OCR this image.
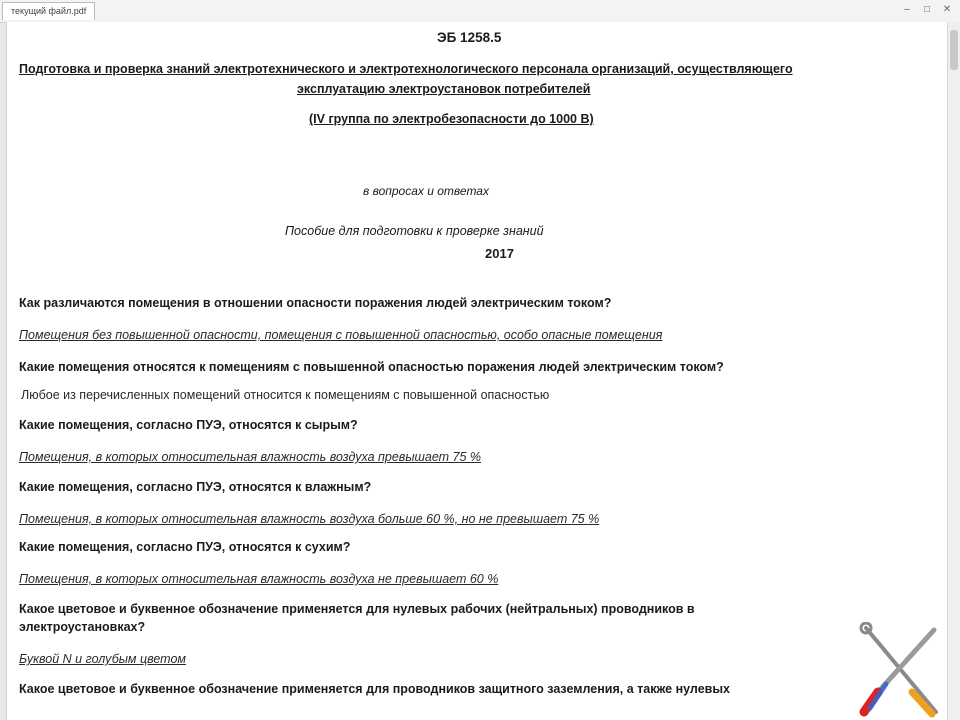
текущий файл.pdf	–	□	✕
ЭБ 1258.5
Подготовка и проверка знаний электротехнического и электротехнологического персонала организаций, осуществляющего
эксплуатацию электроустановок потребителей
(IV группа по электробезопасности до 1000 В)
в вопросах и ответах
Пособие для подготовки к проверке знаний
2017
Как различаются помещения в отношении опасности поражения людей электрическим током?
Помещения без повышенной опасности, помещения с повышенной опасностью, особо опасные помещения
Какие помещения относятся к помещениям с повышенной опасностью поражения людей электрическим током?
Любое из перечисленных помещений относится к помещениям с повышенной опасностью
Какие помещения, согласно ПУЭ, относятся к сырым?
Помещения, в которых относительная влажность воздуха превышает 75 %
Какие помещения, согласно ПУЭ, относятся к влажным?
Помещения, в которых относительная влажность воздуха больше 60 %, но не превышает 75 %
Какие помещения, согласно ПУЭ, относятся к сухим?
Помещения, в которых относительная влажность воздуха не превышает 60 %
Какое цветовое и буквенное обозначение применяется для нулевых рабочих (нейтральных) проводников в
электроустановках?
Буквой N и голубым цветом
Какое цветовое и буквенное обозначение применяется для проводников защитного заземления, а также нулевых
